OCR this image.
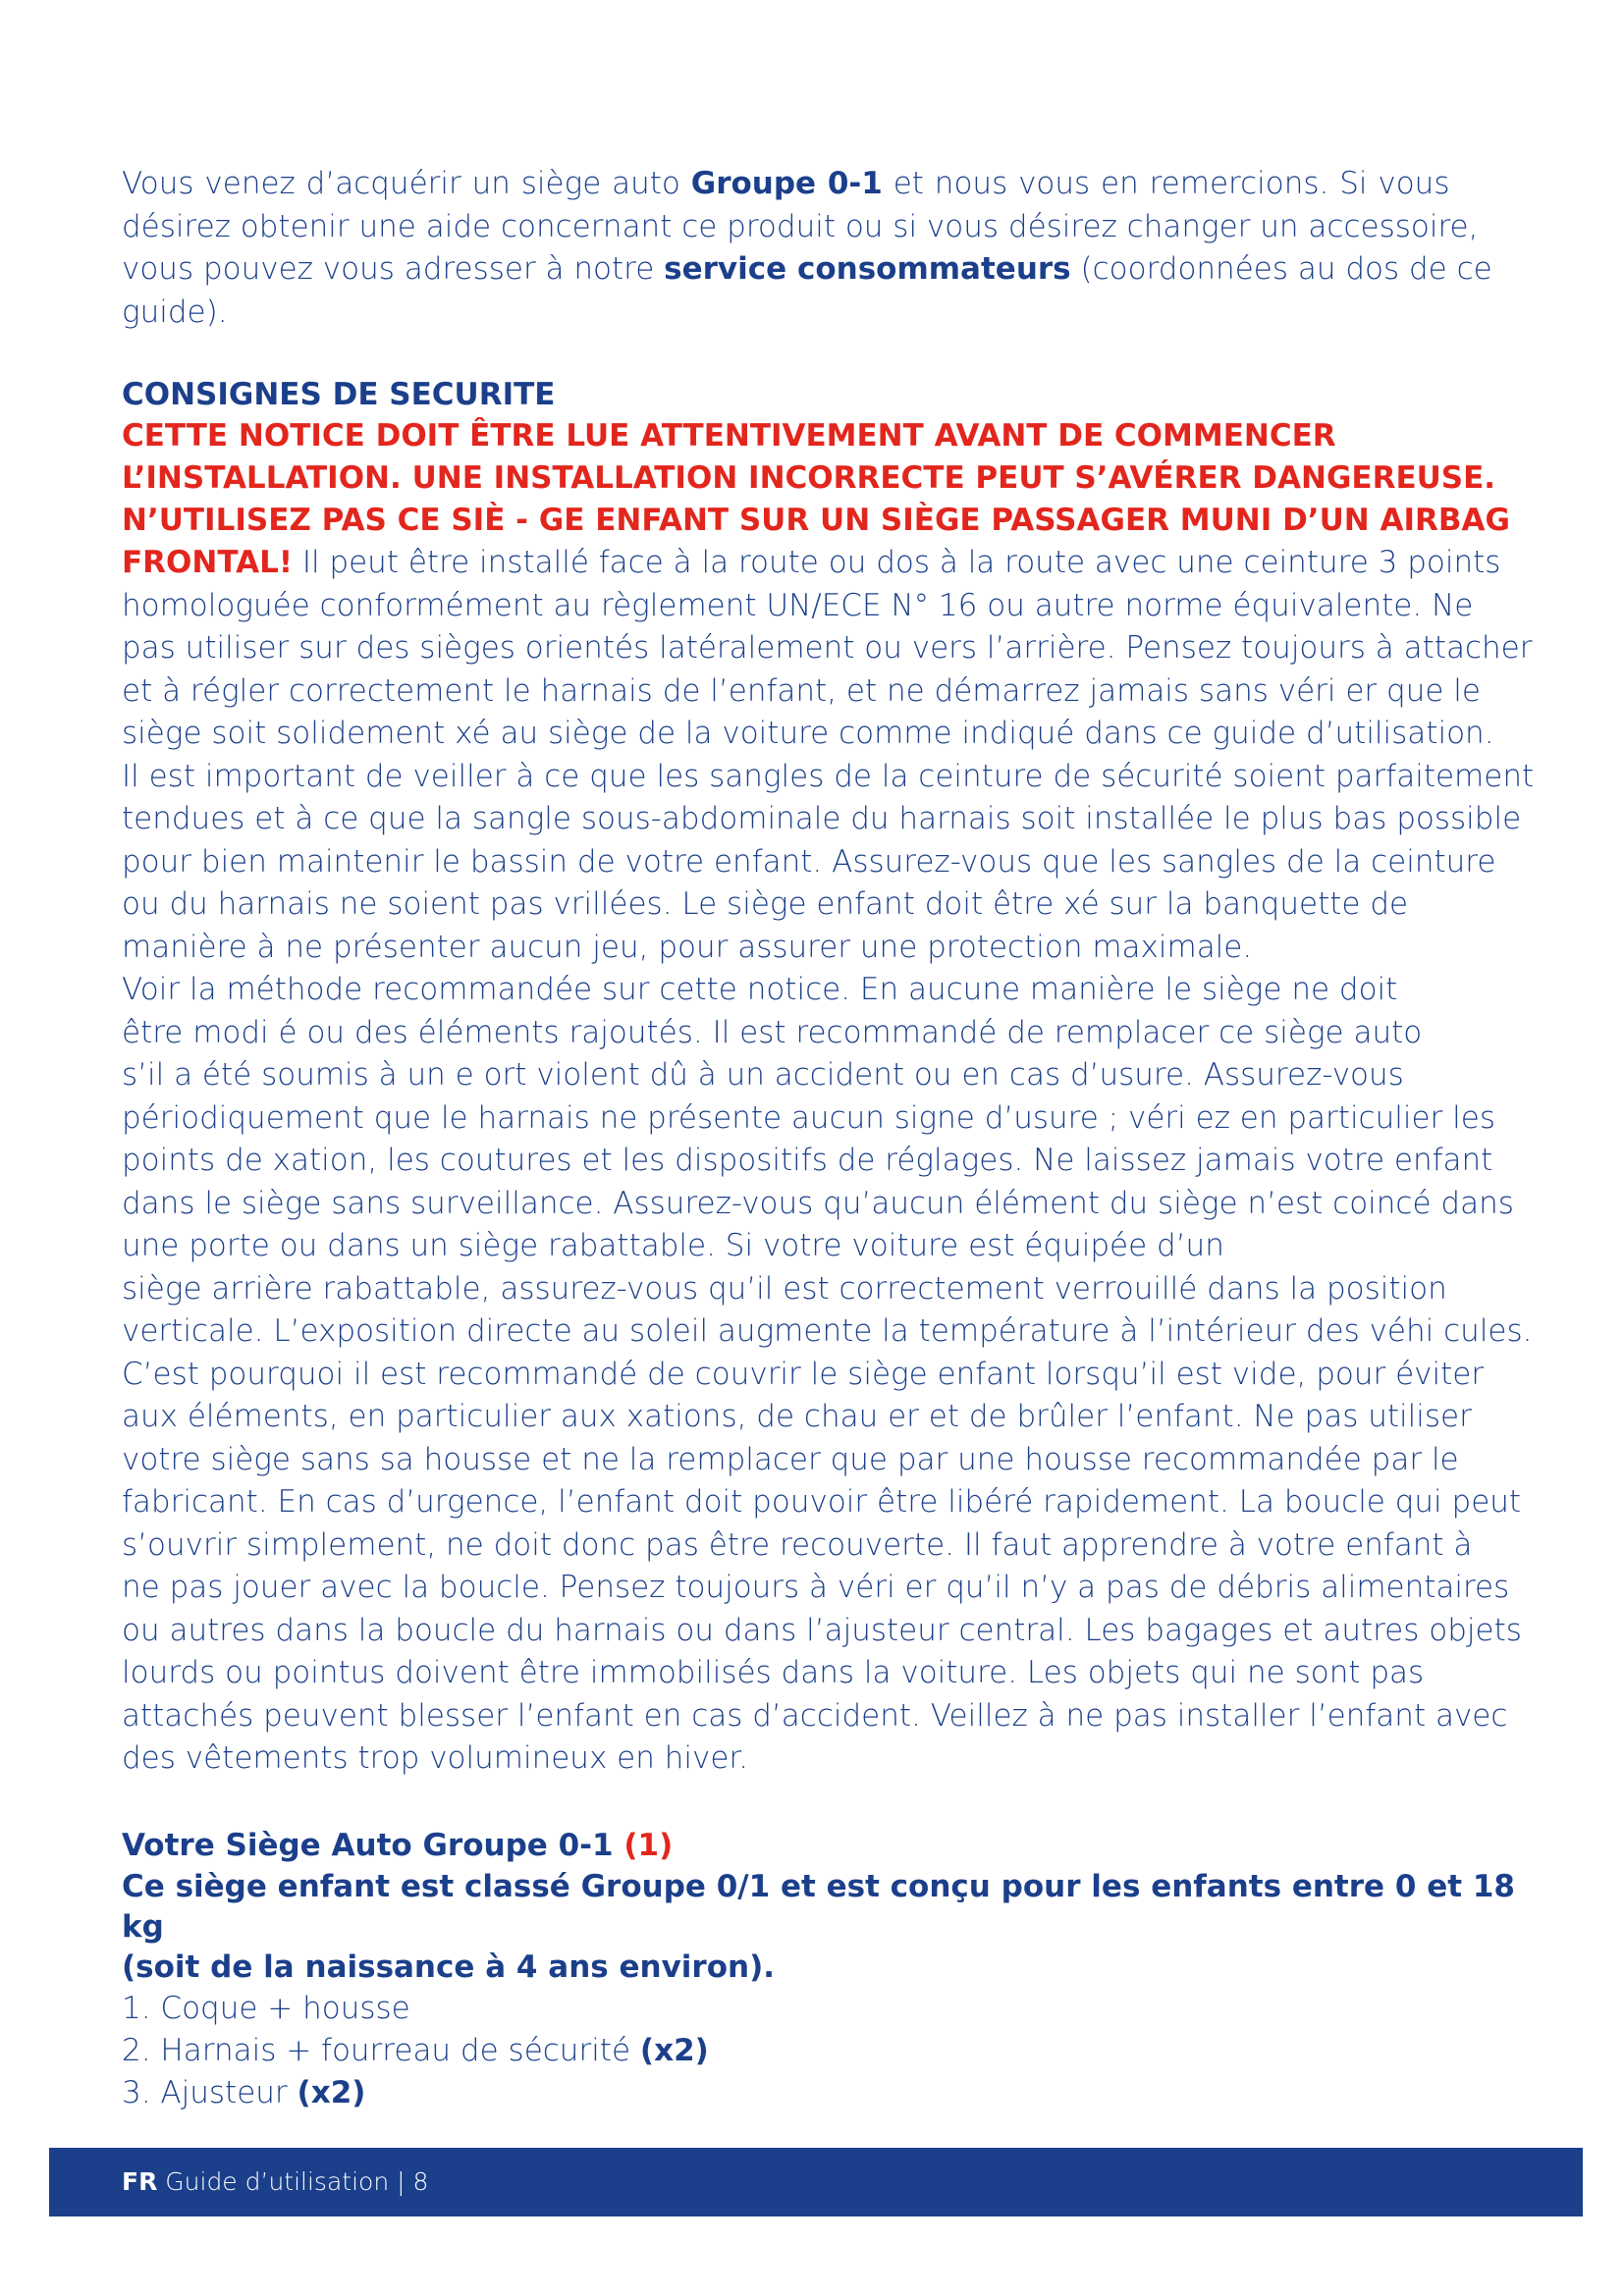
Vous venez d’acquérir un siège auto Groupe 0-1 et nous vous en remercions. Si vous
désirez obtenir une aide concernant ce produit ou si vous désirez changer un accessoire,
vous pouvez vous adresser à notre service consommateurs (coordonnées au dos de ce
guide).

CONSIGNES DE SECURITE

CETTE NOTICE DOIT ÊTRE LUE ATTENTIVEMENT AVANT DE COMMENCER
L’INSTALLATION. UNE INSTALLATION INCORRECTE PEUT S’AVÉRER DANGEREUSE.
N’UTILISEZ PAS CE SIÈ - GE ENFANT SUR UN SIÈGE PASSAGER MUNI D’UN AIRBAG

FRONTAL! Il peut être installé face à la route ou dos à la route avec une ceinture 3 points
homologuée conformément au règlement UN/ECE N° 16 ou autre norme équivalente. Ne
pas utiliser sur des sièges orientés latéralement ou vers l’arrière. Pensez toujours à attacher
et à régler correctement le harnais de l’enfant, et ne démarrez jamais sans véri er que le
siège soit solidement xé au siège de la voiture comme indiqué dans ce guide d’utilisation.
Il est important de veiller à ce que les sangles de la ceinture de sécurité soient parfaitement
tendues et à ce que la sangle sous-abdominale du harnais soit installée le plus bas possible
pour bien maintenir le bassin de votre enfant. Assurez-vous que les sangles de la ceinture
ou du harnais ne soient pas vrillées. Le siège enfant doit être xé sur la banquette de
manière à ne présenter aucun jeu, pour assurer une protection maximale.
Voir la méthode recommandée sur cette notice. En aucune manière le siège ne doit
être modi é ou des éléments rajoutés. Il est recommandé de remplacer ce siège auto
s’il a été soumis à un e ort violent dû à un accident ou en cas d’usure. Assurez-vous
périodiquement que le harnais ne présente aucun signe d’usure ; véri ez en particulier les
points de xation, les coutures et les dispositifs de réglages. Ne laissez jamais votre enfant
dans le siège sans surveillance. Assurez-vous qu’aucun élément du siège n’est coincé dans
une porte ou dans un siège rabattable. Si votre voiture est équipée d’un
siège arrière rabattable, assurez-vous qu’il est correctement verrouillé dans la position
verticale. L’exposition directe au soleil augmente la température à l’intérieur des véhi cules.
C’est pourquoi il est recommandé de couvrir le siège enfant lorsqu’il est vide, pour éviter
aux éléments, en particulier aux xations, de chau er et de brûler l’enfant. Ne pas utiliser
votre siège sans sa housse et ne la remplacer que par une housse recommandée par le
fabricant. En cas d’urgence, l’enfant doit pouvoir être libéré rapidement. La boucle qui peut
s’ouvrir simplement, ne doit donc pas être recouverte. Il faut apprendre à votre enfant à
ne pas jouer avec la boucle. Pensez toujours à véri er qu’il n’y a pas de débris alimentaires
ou autres dans la boucle du harnais ou dans l’ajusteur central. Les bagages et autres objets
lourds ou pointus doivent être immobilisés dans la voiture. Les objets qui ne sont pas
attachés peuvent blesser l’enfant en cas d’accident. Veillez à ne pas installer l’enfant avec
des vêtements trop volumineux en hiver.
Votre Siège Auto Groupe 0-1 (1)
Ce siège enfant est classé Groupe 0/1 et est conçu pour les enfants entre 0 et 18 kg
(soit de la naissance à 4 ans environ).
1. Coque + housse
2. Harnais + fourreau de sécurité (x2)
3. Ajusteur (x2)
FR Guide d’utilisation | 8
